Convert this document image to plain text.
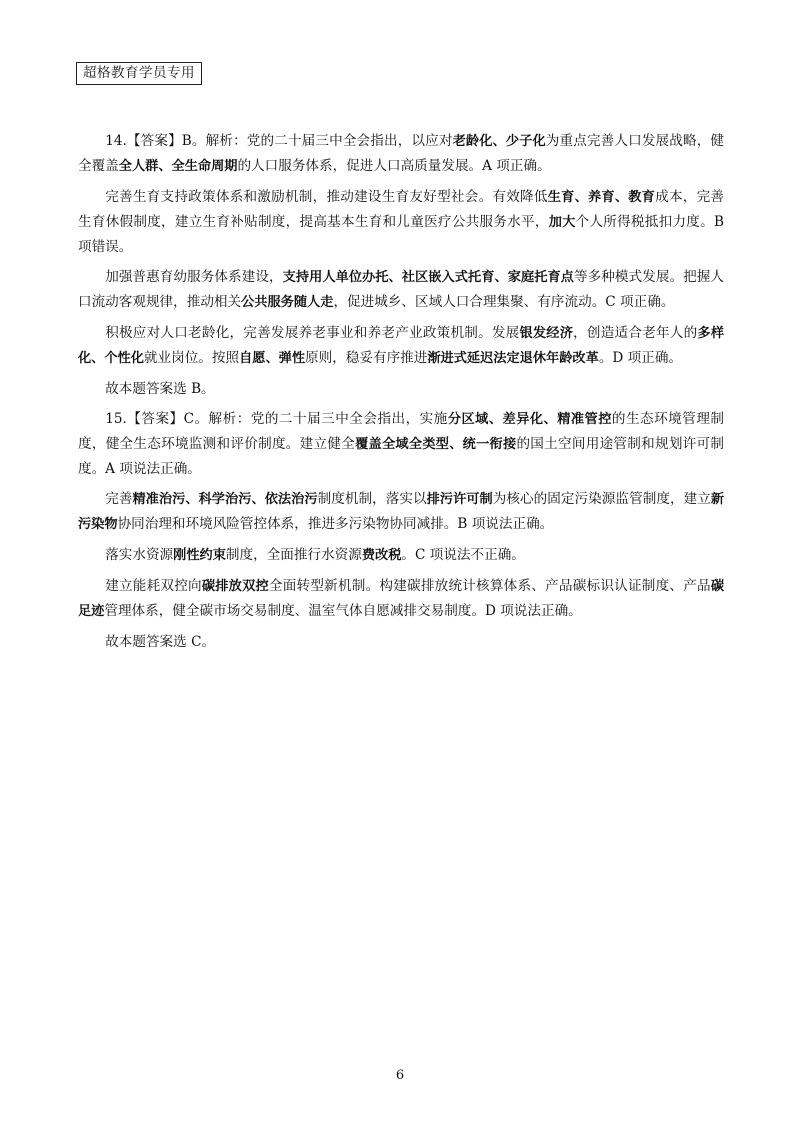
超格教育学员专用

14.【答案】B。解析：党的二十届三中全会指出，以应对老龄化、少子化为重点完善人口发展战略，健全覆盖全人群、全生命周期的人口服务体系，促进人口高质量发展。A 项正确。

完善生育支持政策体系和激励机制，推动建设生育友好型社会。有效降低生育、养育、教育成本，完善生育休假制度，建立生育补贴制度，提高基本生育和儿童医疗公共服务水平，加大个人所得税抵扣力度。B 项错误。

加强普惠育幼服务体系建设，支持用人单位办托、社区嵌入式托育、家庭托育点等多种模式发展。把握人口流动客观规律，推动相关公共服务随人走，促进城乡、区域人口合理集聚、有序流动。C 项正确。

积极应对人口老龄化，完善发展养老事业和养老产业政策机制。发展银发经济，创造适合老年人的多样化、个性化就业岗位。按照自愿、弹性原则，稳妥有序推进渐进式延迟法定退休年龄改革。D 项正确。

故本题答案选 B。

15.【答案】C。解析：党的二十届三中全会指出，实施分区域、差异化、精准管控的生态环境管理制度，健全生态环境监测和评价制度。建立健全覆盖全域全类型、统一衔接的国土空间用途管制和规划许可制度。A 项说法正确。

完善精准治污、科学治污、依法治污制度机制，落实以排污许可制为核心的固定污染源监管制度，建立新污染物协同治理和环境风险管控体系，推进多污染物协同减排。B 项说法正确。

落实水资源刚性约束制度，全面推行水资源费改税。C 项说法不正确。

建立能耗双控向碳排放双控全面转型新机制。构建碳排放统计核算体系、产品碳标识认证制度、产品碳足迹管理体系，健全碳市场交易制度、温室气体自愿减排交易制度。D 项说法正确。

故本题答案选 C。

6
